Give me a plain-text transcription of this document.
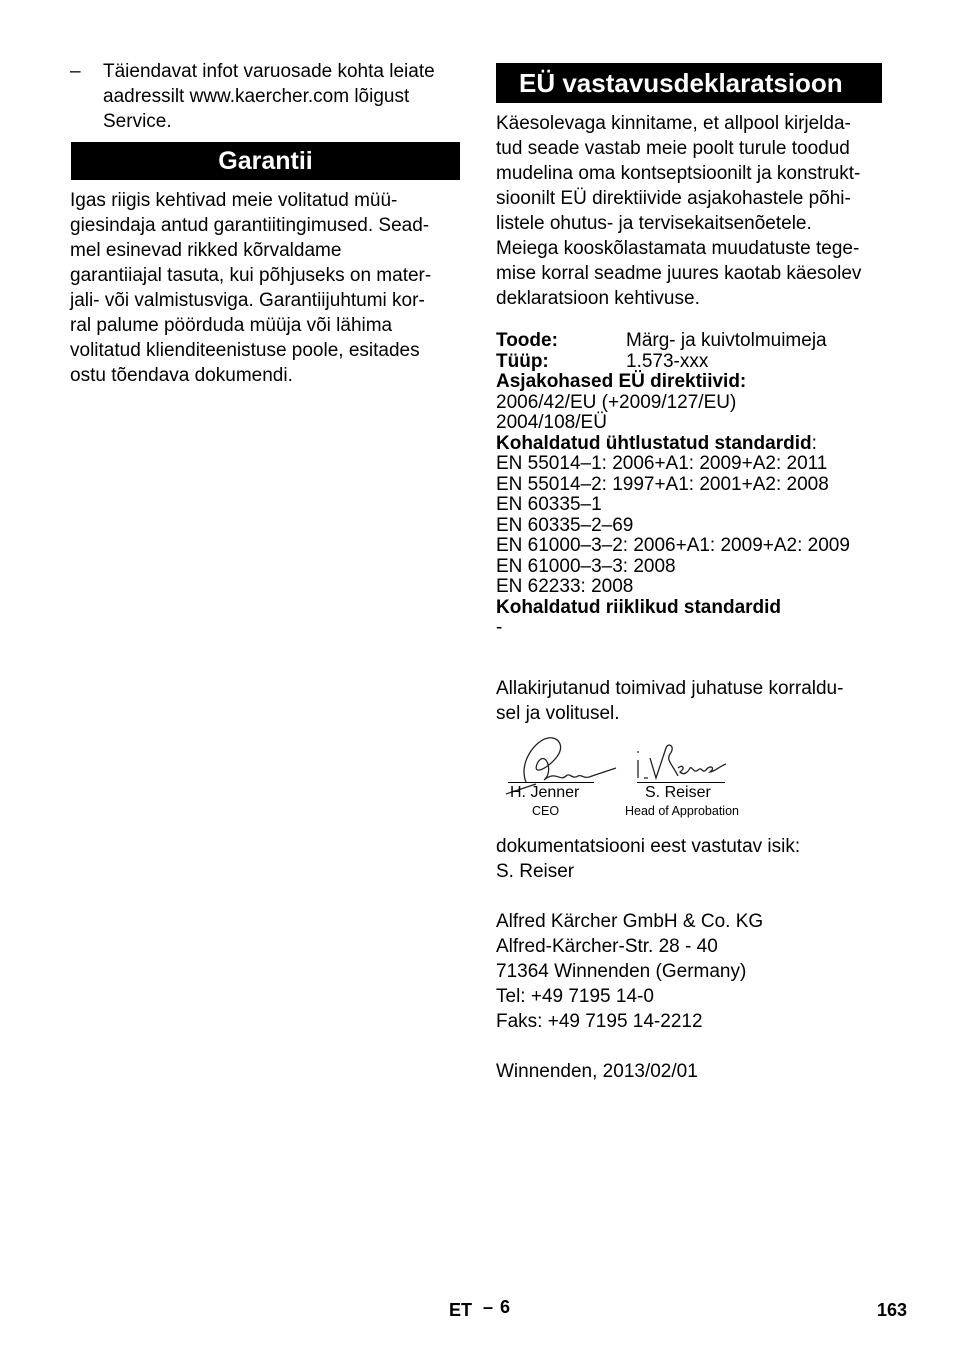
– Täiendavat infot varuosade kohta leiate
aadressilt www.kaercher.com lõigust
Service.
Garantii
Igas riigis kehtivad meie volitatud müü-
giesindaja antud garantiitingimused. Sead-
mel esinevad rikked kõrvaldame
garantiiajal tasuta, kui põhjuseks on mater-
jali- või valmistusviga. Garantiijuhtumi kor-
ral palume pöörduda müüja või lähima
volitatud klienditeenistuse poole, esitades
ostu tõendava dokumendi.
EÜ vastavusdeklaratsioon
Käesolevaga kinnitame, et allpool kirjelda-
tud seade vastab meie poolt turule toodud
mudelina oma kontseptsioonilt ja konstrukt-
sioonilt EÜ direktiivide asjakohastele põhi-
listele ohutus- ja tervisekaitsenõetele.
Meiega kooskõlastamata muudatuste tege-
mise korral seadme juures kaotab käesolev
deklaratsioon kehtivuse.
Toode:	Märg- ja kuivtolmuimeja
Tüüp:	1.573-xxx
Asjakohased EÜ direktiivid:
2006/42/EU (+2009/127/EU)
2004/108/EÜ
Kohaldatud ühtlustatud standardid:
EN 55014–1: 2006+A1: 2009+A2: 2011
EN 55014–2: 1997+A1: 2001+A2: 2008
EN 60335–1
EN 60335–2–69
EN 61000–3–2: 2006+A1: 2009+A2: 2009
EN 61000–3–3: 2008
EN 62233: 2008
Kohaldatud riiklikud standardid
-
Allakirjutanud toimivad juhatuse korraldu-
sel ja volitusel.
H. Jenner
CEO
S. Reiser
Head of Approbation
dokumentatsiooni eest vastutav isik:
S. Reiser
Alfred Kärcher GmbH & Co. KG
Alfred-Kärcher-Str. 28 - 40
71364 Winnenden (Germany)
Tel: +49 7195 14-0
Faks: +49 7195 14-2212
Winnenden, 2013/02/01
ET – 6	163
